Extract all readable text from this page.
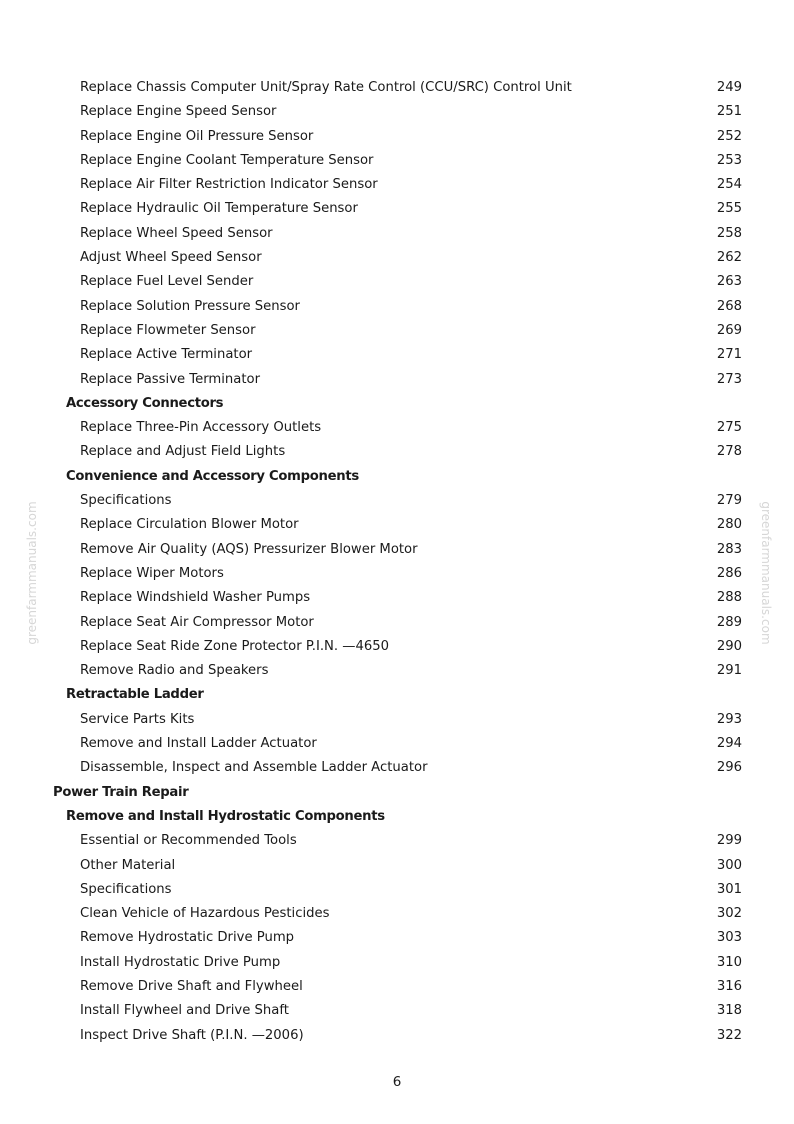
greenfarmmanuals.com	greenfarmmanuals.com
Replace Chassis Computer Unit/Spray Rate Control (CCU/SRC) Control Unit	249
Replace Engine Speed Sensor	251
Replace Engine Oil Pressure Sensor	252
Replace Engine Coolant Temperature Sensor	253
Replace Air Filter Restriction Indicator Sensor	254
Replace Hydraulic Oil Temperature Sensor	255
Replace Wheel Speed Sensor	258
Adjust Wheel Speed Sensor	262
Replace Fuel Level Sender	263
Replace Solution Pressure Sensor	268
Replace Flowmeter Sensor	269
Replace Active Terminator	271
Replace Passive Terminator	273
Accessory Connectors
Replace Three-Pin Accessory Outlets	275
Replace and Adjust Field Lights	278
Convenience and Accessory Components
Specifications	279
Replace Circulation Blower Motor	280
Remove Air Quality (AQS) Pressurizer Blower Motor	283
Replace Wiper Motors	286
Replace Windshield Washer Pumps	288
Replace Seat Air Compressor Motor	289
Replace Seat Ride Zone Protector P.I.N. —4650	290
Remove Radio and Speakers	291
Retractable Ladder
Service Parts Kits	293
Remove and Install Ladder Actuator	294
Disassemble, Inspect and Assemble Ladder Actuator	296
Power Train Repair
Remove and Install Hydrostatic Components
Essential or Recommended Tools	299
Other Material	300
Specifications	301
Clean Vehicle of Hazardous Pesticides	302
Remove Hydrostatic Drive Pump	303
Install Hydrostatic Drive Pump	310
Remove Drive Shaft and Flywheel	316
Install Flywheel and Drive Shaft	318
Inspect Drive Shaft (P.I.N. —2006)	322
6
